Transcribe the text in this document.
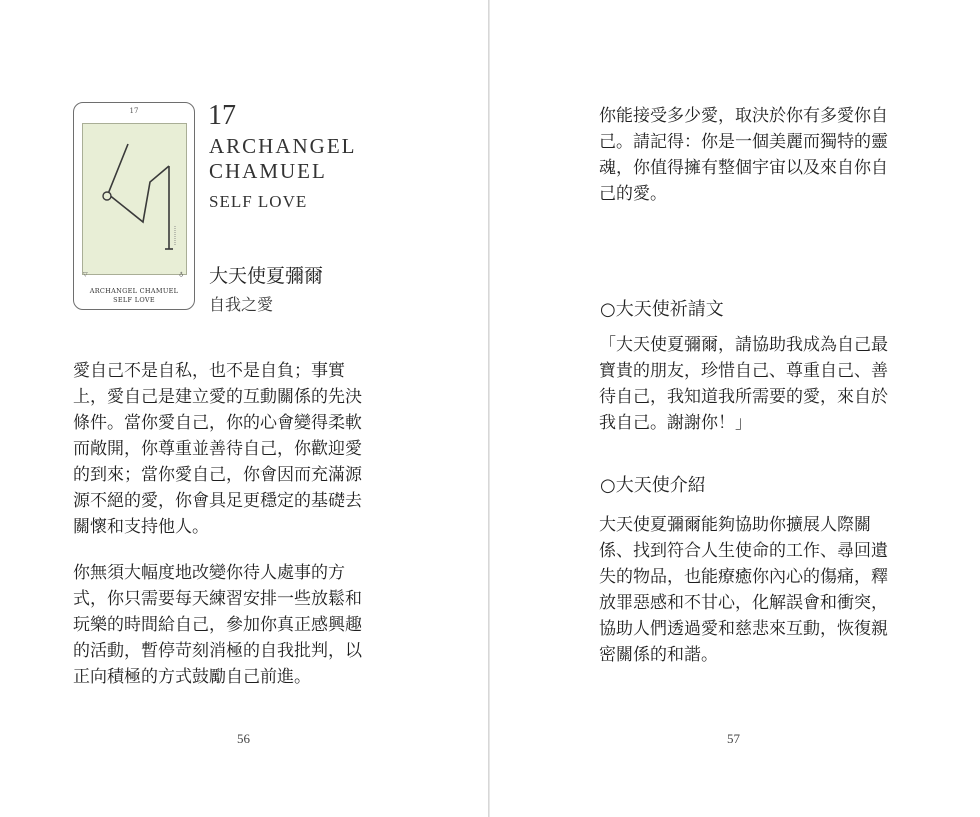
17
▽	♁
ARCHANGEL CHAMUEL
SELF LOVE
17
ARCHANGEL
CHAMUEL
SELF LOVE
大天使夏彌爾
自我之愛
愛自己不是自私，也不是自負；事實
上，愛自己是建立愛的互動關係的先決
條件。當你愛自己，你的心會變得柔軟
而敞開，你尊重並善待自己，你歡迎愛
的到來；當你愛自己，你會因而充滿源
源不絕的愛，你會具足更穩定的基礎去
關懷和支持他人。
你無須大幅度地改變你待人處事的方
式，你只需要每天練習安排一些放鬆和
玩樂的時間給自己，參加你真正感興趣
的活動，暫停苛刻消極的自我批判，以
正向積極的方式鼓勵自己前進。
56
你能接受多少愛，取決於你有多愛你自
己。請記得：你是一個美麗而獨特的靈
魂，你值得擁有整個宇宙以及來自你自
己的愛。
○大天使祈請文
「大天使夏彌爾，請協助我成為自己最
寶貴的朋友，珍惜自己、尊重自己、善
待自己，我知道我所需要的愛，來自於
我自己。謝謝你！」
○大天使介紹
大天使夏彌爾能夠協助你擴展人際關
係、找到符合人生使命的工作、尋回遺
失的物品，也能療癒你內心的傷痛，釋
放罪惡感和不甘心，化解誤會和衝突，
協助人們透過愛和慈悲來互動，恢復親
密關係的和諧。
57
